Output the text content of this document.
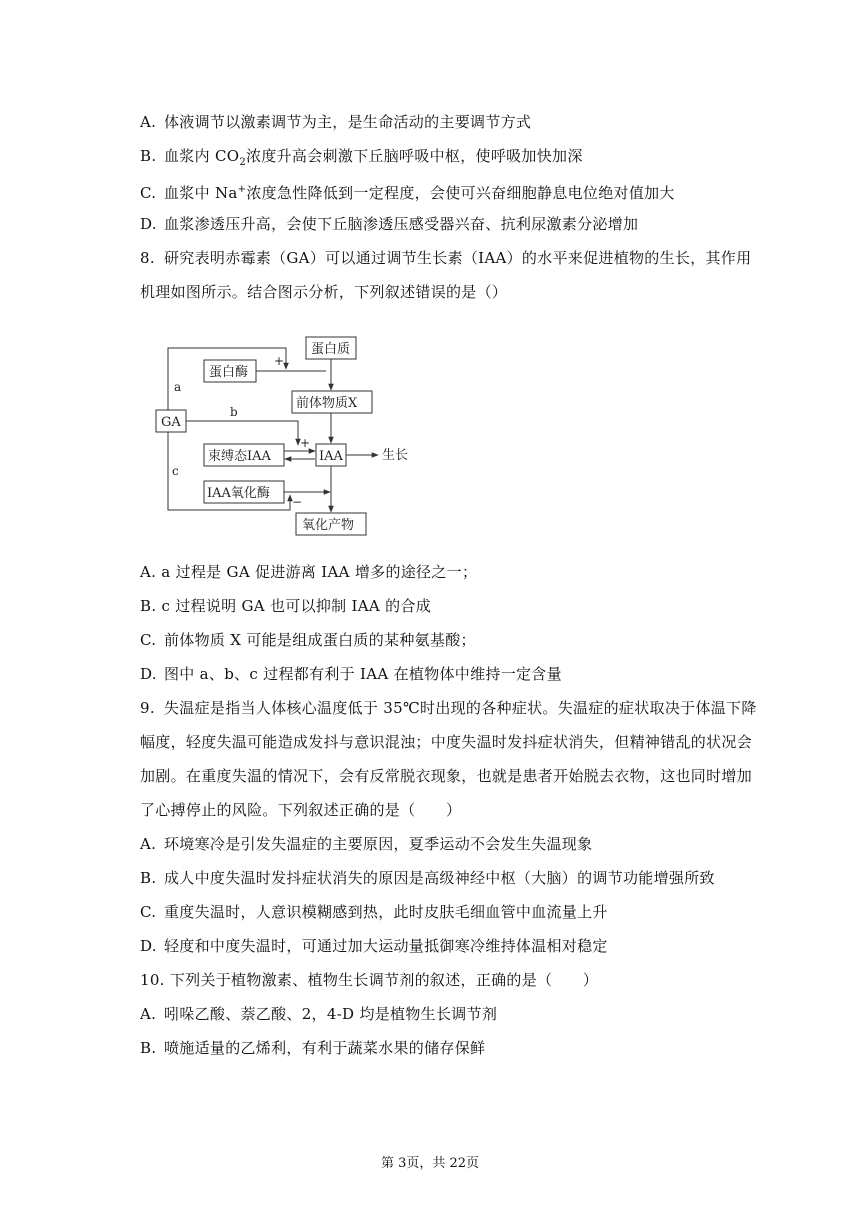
A. 体液调节以激素调节为主，是生命活动的主要调节方式
B. 血浆内 $CO_2$浓度升高会刺激下丘脑呼吸中枢，使呼吸加快加深
C. 血浆中 Na+浓度急性降低到一定程度，会使可兴奋细胞静息电位绝对值加大
D. 血浆渗透压升高，会使下丘脑渗透压感受器兴奋、抗利尿激素分泌增加
8. 研究表明赤霉素（GA）可以通过调节生长素（IAA）的水平来促进植物的生长，其作用
机理如图所示。结合图示分析，下列叙述错误的是（）
GA
蛋白酶
蛋白质
前体物质X
束缚态IAA	IAA	生长
IAA氧化酶
氧化产物
a
b
c
+
+
−
A. a 过程是 GA 促进游离 IAA 增多的途径之一；
B. c 过程说明 GA 也可以抑制 IAA 的合成
C. 前体物质 X 可能是组成蛋白质的某种氨基酸；
D. 图中 a、b、c 过程都有利于 IAA 在植物体中维持一定含量
9. 失温症是指当人体核心温度低于 35℃时出现的各种症状。失温症的症状取决于体温下降
幅度，轻度失温可能造成发抖与意识混浊；中度失温时发抖症状消失，但精神错乱的状况会
加剧。在重度失温的情况下，会有反常脱衣现象，也就是患者开始脱去衣物，这也同时增加
了心搏停止的风险。下列叙述正确的是（　　）
A. 环境寒冷是引发失温症的主要原因，夏季运动不会发生失温现象
B. 成人中度失温时发抖症状消失的原因是高级神经中枢（大脑）的调节功能增强所致
C. 重度失温时，人意识模糊感到热，此时皮肤毛细血管中血流量上升
D. 轻度和中度失温时，可通过加大运动量抵御寒冷维持体温相对稳定
10. 下列关于植物激素、植物生长调节剂的叙述，正确的是（　　）
A. 吲哚乙酸、萘乙酸、2，4-D 均是植物生长调节剂
B. 喷施适量的乙烯利，有利于蔬菜水果的储存保鲜
第 3页，共 22页
